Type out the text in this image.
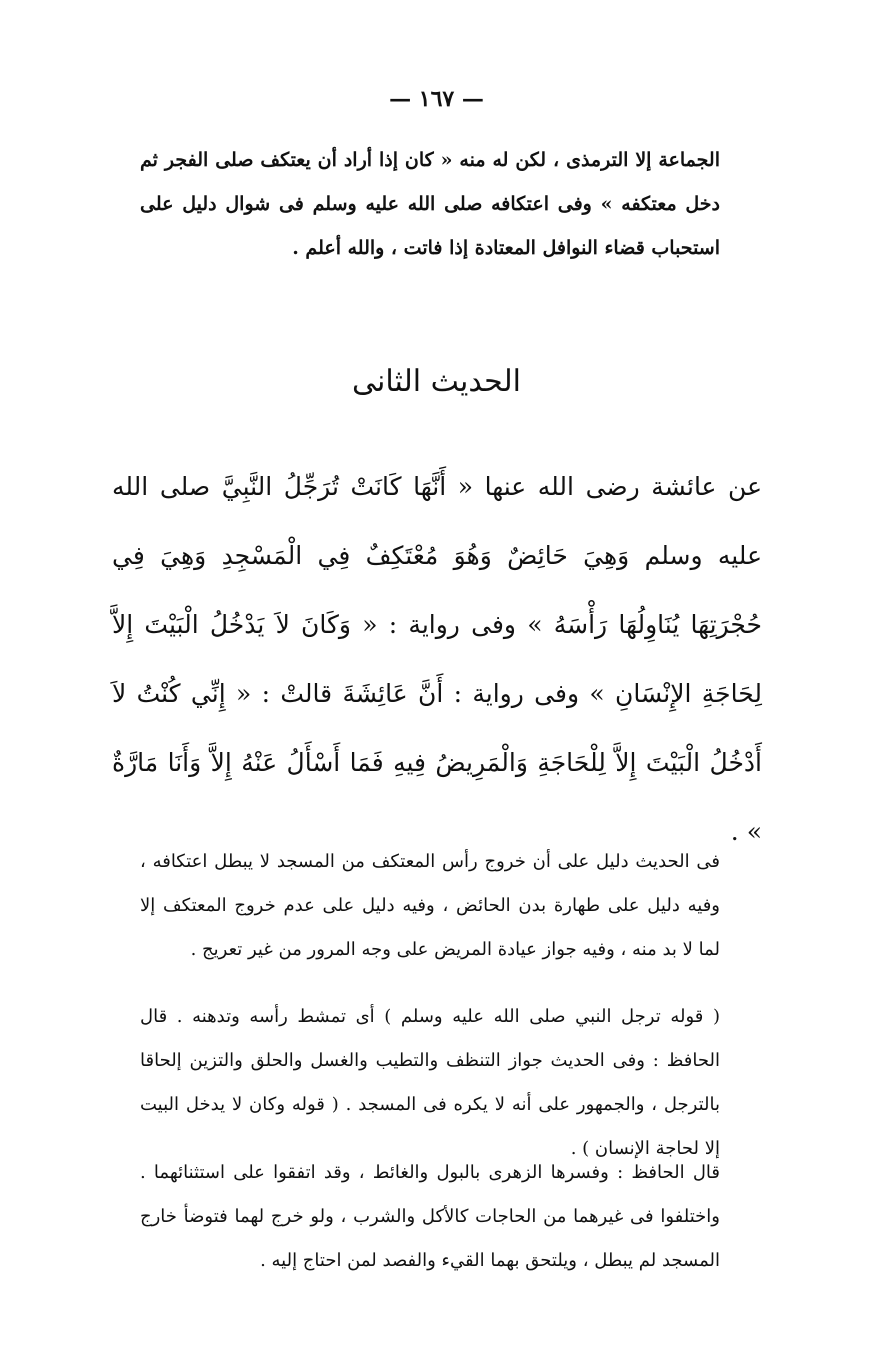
— ١٦٧ —

الجماعة إلا الترمذى ، لكن له منه « كان إذا أراد أن يعتكف صلى الفجر ثم دخل معتكفه » وفى اعتكافه صلى الله عليه وسلم فى شوال دليل على استحباب قضاء النوافل المعتادة إذا فاتت ، والله أعلم .

الحديث الثانى

عن عائشة رضى الله عنها « أَنَّهَا كَانَتْ تُرَجِّلُ النَّبِيَّ صلى الله عليه وسلم وَهِيَ حَائِضٌ وَهُوَ مُعْتَكِفٌ فِي الْمَسْجِدِ وَهِيَ فِي حُجْرَتِهَا يُنَاوِلُهَا رَأْسَهُ » وفى رواية : « وَكَانَ لاَ يَدْخُلُ الْبَيْتَ إِلاَّ لِحَاجَةِ الإِنْسَانِ » وفى رواية : أَنَّ عَائِشَةَ قالتْ : « إِنِّي كُنْتُ لاَ أَدْخُلُ الْبَيْتَ إِلاَّ لِلْحَاجَةِ وَالْمَرِيضُ فِيهِ فَمَا أَسْأَلُ عَنْهُ إِلاَّ وَأَنَا مَارَّةٌ » .

فى الحديث دليل على أن خروج رأس المعتكف من المسجد لا يبطل اعتكافه ، وفيه دليل على طهارة بدن الحائض ، وفيه دليل على عدم خروج المعتكف إلا لما لا بد منه ، وفيه جواز عيادة المريض على وجه المرور من غير تعريج .

( قوله ترجل النبي صلى الله عليه وسلم ) أى تمشط رأسه وتدهنه . قال الحافظ : وفى الحديث جواز التنظف والتطيب والغسل والحلق والتزين إلحاقا بالترجل ، والجمهور على أنه لا يكره فى المسجد . ( قوله وكان لا يدخل البيت إلا لحاجة الإنسان ) .

قال الحافظ : وفسرها الزهرى بالبول والغائط ، وقد اتفقوا على استثنائهما . واختلفوا فى غيرهما من الحاجات كالأكل والشرب ، ولو خرج لهما فتوضأ خارج المسجد لم يبطل ، ويلتحق بهما القيء والفصد لمن احتاج إليه .
